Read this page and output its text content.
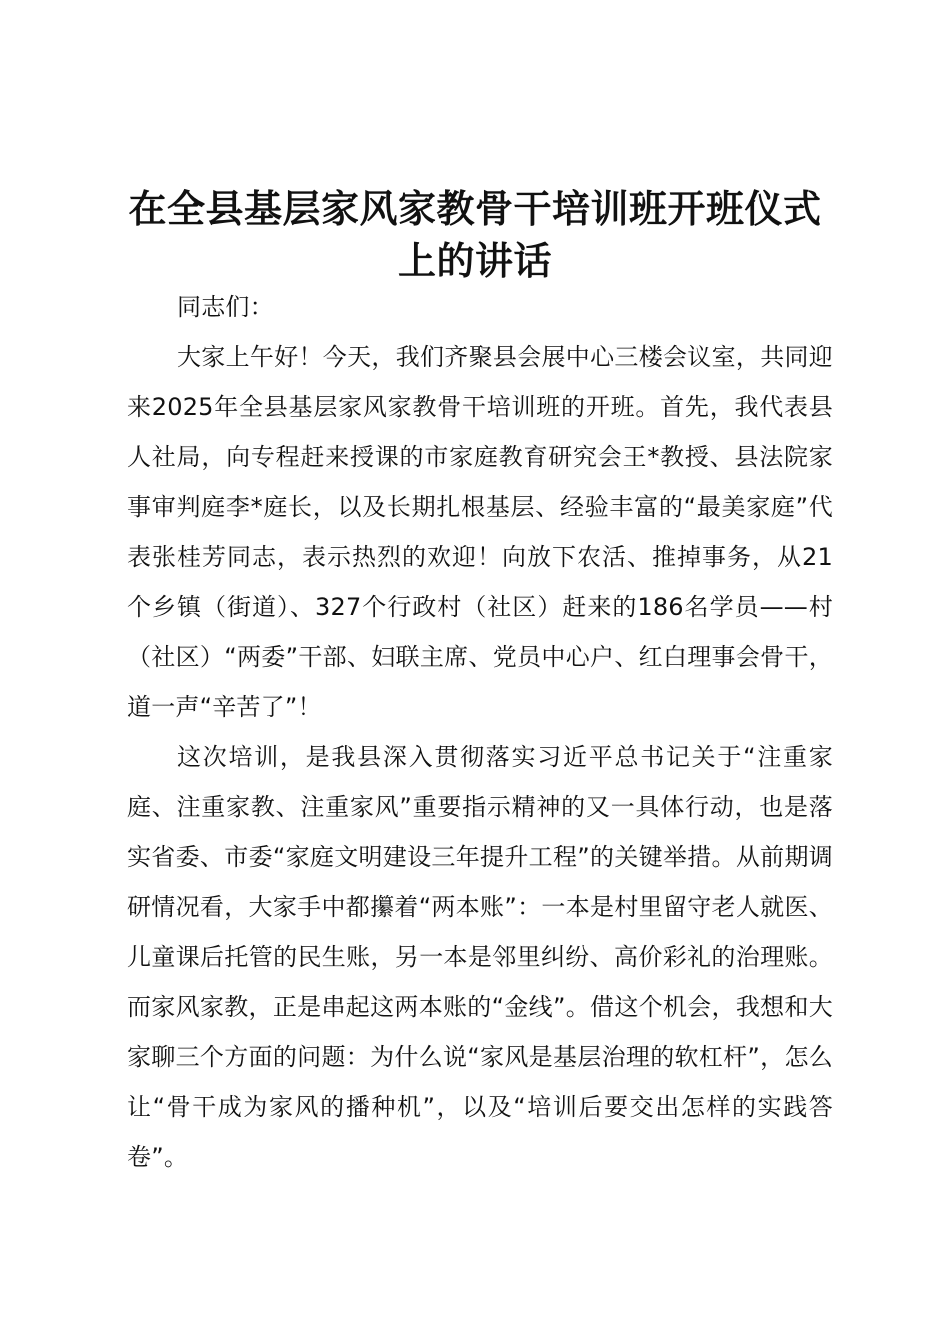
在全县基层家风家教骨干培训班开班仪式上的讲话

同志们：

大家上午好！今天，我们齐聚县会展中心三楼会议室，共同迎来2025年全县基层家风家教骨干培训班的开班。首先，我代表县人社局，向专程赶来授课的市家庭教育研究会王*教授、县法院家事审判庭李*庭长，以及长期扎根基层、经验丰富的“最美家庭”代表张桂芳同志，表示热烈的欢迎！向放下农活、推掉事务，从21个乡镇（街道）、327个行政村（社区）赶来的186名学员——村（社区）“两委”干部、妇联主席、党员中心户、红白理事会骨干，道一声“辛苦了”！

这次培训，是我县深入贯彻落实习近平总书记关于“注重家庭、注重家教、注重家风”重要指示精神的又一具体行动，也是落实省委、市委“家庭文明建设三年提升工程”的关键举措。从前期调研情况看，大家手中都攥着“两本账”：一本是村里留守老人就医、儿童课后托管的民生账，另一本是邻里纠纷、高价彩礼的治理账。而家风家教，正是串起这两本账的“金线”。借这个机会，我想和大家聊三个方面的问题：为什么说“家风是基层治理的软杠杆”，怎么让“骨干成为家风的播种机”，以及“培训后要交出怎样的实践答卷”。
